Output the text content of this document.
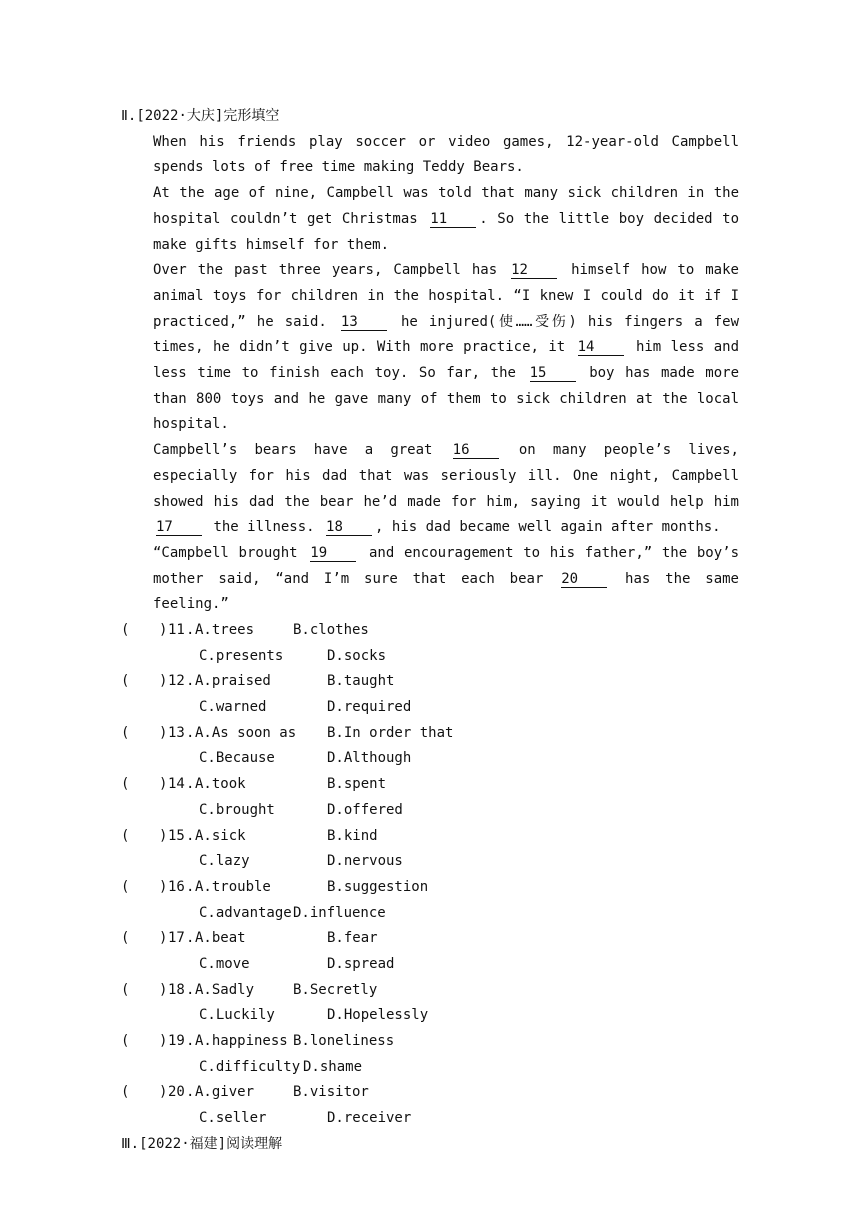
Ⅱ.[2022·大庆]完形填空
When his friends play soccer or video games, 12-year-old Campbell spends lots of free time making Teddy Bears.
At the age of nine, Campbell was told that many sick children in the hospital couldn’t get Christmas 11 . So the little boy decided to make gifts himself for them.
Over the past three years, Campbell has 12	himself how to make animal toys for children in the hospital. “I knew I could do it if I practiced,” he said. 13	he injured(使……受伤) his fingers a few times, he didn’t give up. With more practice, it 14	him less and less time to finish each toy. So far, the 15	boy has made more than 800 toys and he gave many of them to sick children at the local hospital.
Campbell’s bears have a great 16	on many people’s lives, especially for his dad that was seriously ill. One night, Campbell showed his dad the bear he’d made for him, saying it would help him 17	the illness. 18 , his dad became well again after months.
“Campbell brought 19	and encouragement to his father,” the boy’s mother said, “and I’m sure that each bear 20	has the same feeling.”
( ) 11 . A.trees	B.clothes
C.presents	D.socks
( ) 12 . A.praised	B.taught
C.warned	D.required
( ) 13 . A.As soon as B.In order that
C.Because	D.Although
( ) 14 . A.took	B.spent
C.brought	D.offered
( ) 15 . A.sick	B.kind
C.lazy	D.nervous
( ) 16 . A.trouble	B.suggestion
C.advantage D.influence
( ) 17 . A.beat	B.fear
C.move	D.spread
( ) 18 . A.Sadly	B.Secretly
C.Luckily	D.Hopelessly
( ) 19 . A.happiness B.loneliness
C.difficulty D.shame
( ) 20 . A.giver	B.visitor
C.seller	D.receiver
Ⅲ.[2022·福建]阅读理解
